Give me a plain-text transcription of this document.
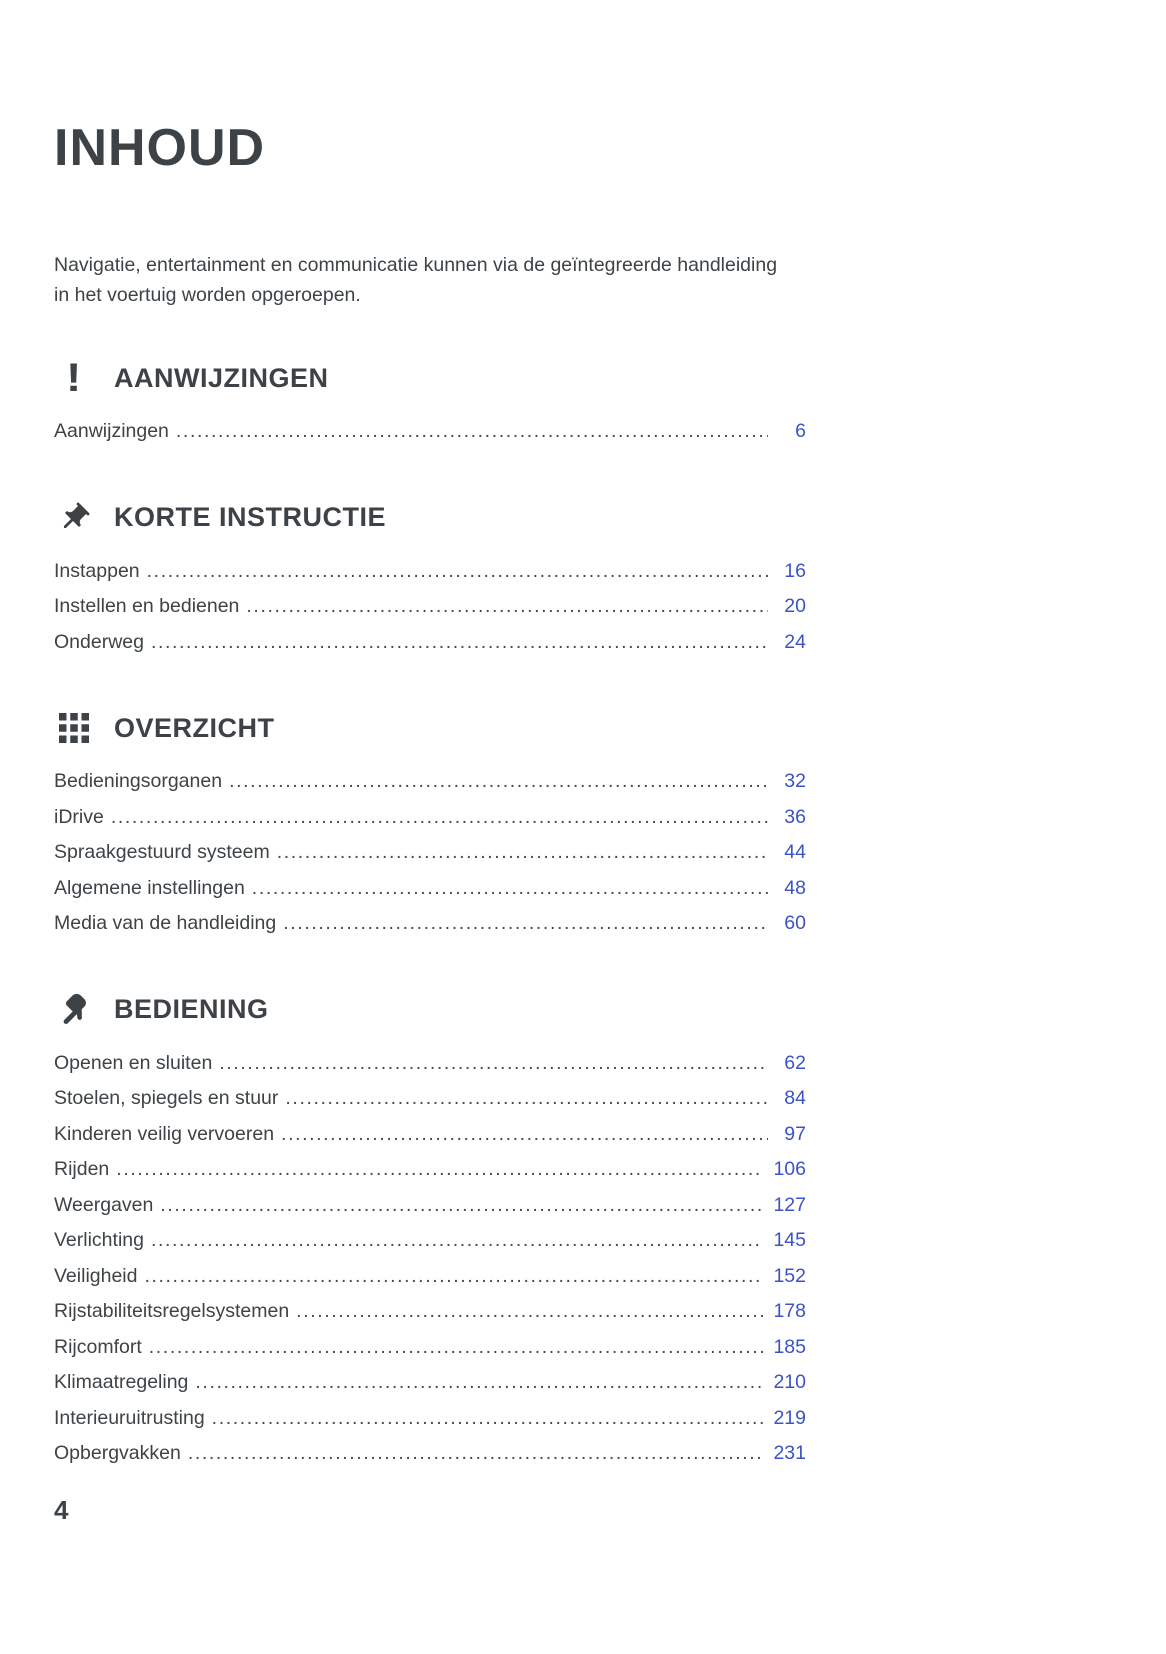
INHOUD

Navigatie, entertainment en communicatie kunnen via de geïntegreerde handleiding in het voertuig worden opgeroepen.

! AANWIJZINGEN
Aanwijzingen .....	6
KORTE INSTRUCTIE
Instappen .....	16
Instellen en bedienen .....	20
Onderweg .....	24
OVERZICHT
Bedieningsorganen .....	32
iDrive .....	36
Spraakgestuurd systeem .....	44
Algemene instellingen .....	48
Media van de handleiding .....	60
BEDIENING
Openen en sluiten .....	62
Stoelen, spiegels en stuur .....	84
Kinderen veilig vervoeren .....	97
Rijden .....	106
Weergaven .....	127
Verlichting .....	145
Veiligheid .....	152
Rijstabiliteitsregelsystemen .....	178
Rijcomfort .....	185
Klimaatregeling .....	210
Interieuruitrusting .....	219
Opbergvakken .....	231
4
